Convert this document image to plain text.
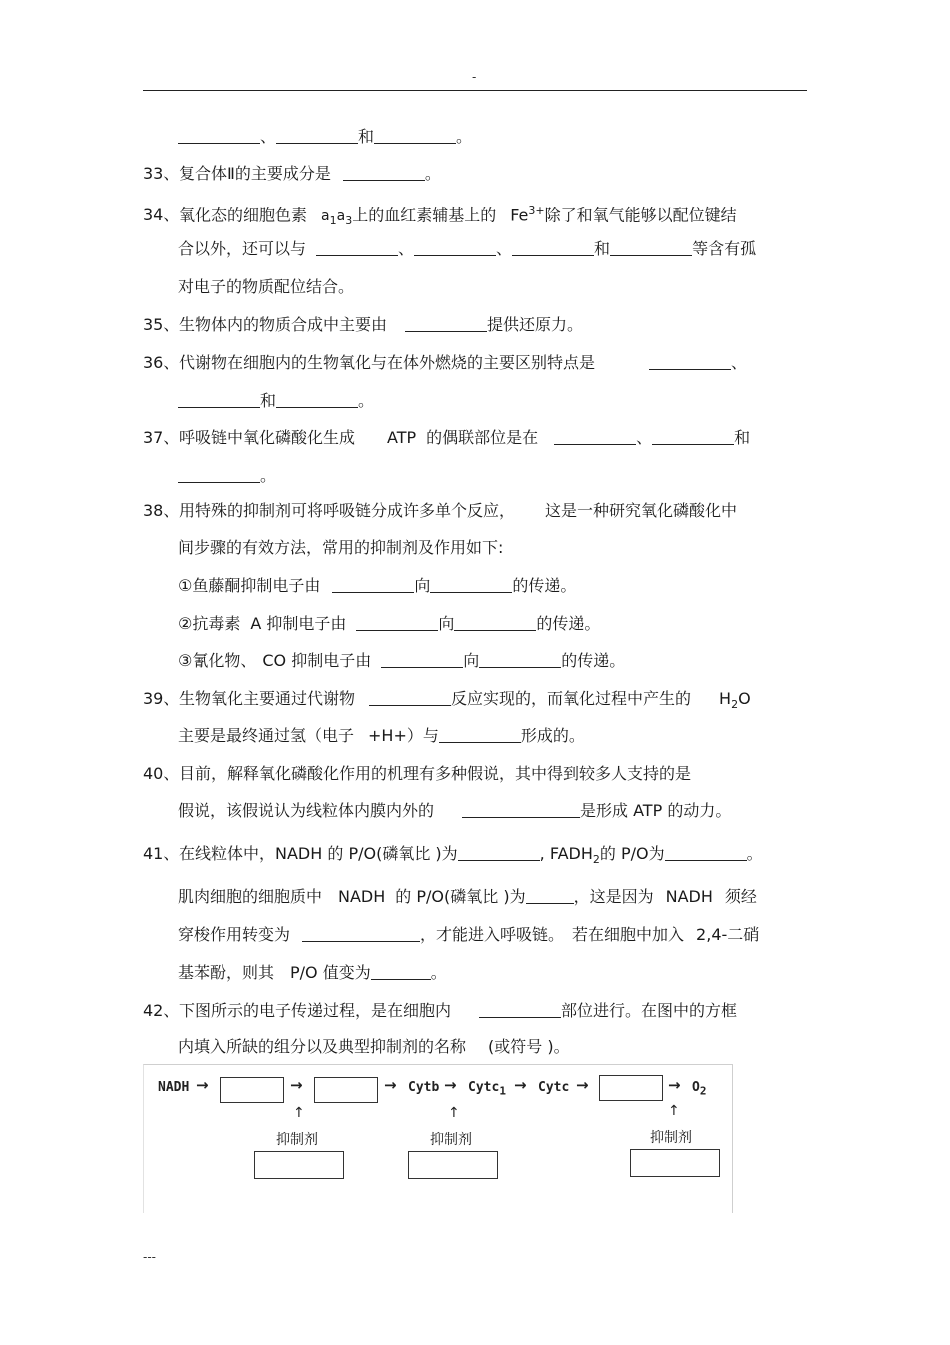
-
、	和	。
33、复合体Ⅱ的主要成分是	。
34、氧化态的细胞色素 $a_1a_3$上的血红素辅基上的 $Fe^{3+}$除了和氧气能够以配位键结
合以外，还可以与	、	、	和	等含有孤
对电子的物质配位结合。
35、生物体内的物质合成中主要由	提供还原力。
36、代谢物在细胞内的生物氧化与在体外燃烧的主要区别特点是	、
和	。
37、呼吸链中氧化磷酸化生成 ATP 的偶联部位是在	、	和
。
38、用特殊的抑制剂可将呼吸链分成许多单个反应， 这是一种研究氧化磷酸化中
间步骤的有效方法，常用的抑制剂及作用如下:
①鱼藤酮抑制电子由	向	的传递。
②抗毒素 A 抑制电子由	向	的传递。
③氰化物、 CO 抑制电子由	向	的传递。
39、生物氧化主要通过代谢物	反应实现的，而氧化过程中产生的 $H_2O$
主要是最终通过氢（电子 +H+）与	形成的。
40、目前，解释氧化磷酸化作用的机理有多种假说，其中得到较多人支持的是
假说，该假说认为线粒体内膜内外的	是形成 ATP 的动力。
41、在线粒体中，NADH 的 P/O(磷氧比 )为	, $FADH_2$的 P/O为	。
肌肉细胞的细胞质中 NADH 的 P/O(磷氧比 )为	，这是因为 NADH 须经
穿梭作用转变为	，才能进入呼吸链。 若在细胞中加入 2,4-二硝
基苯酚，则其 P/O 值变为	。
42、下图所示的电子传递过程，是在细胞内	部位进行。在图中的方框
内填入所缺的组分以及典型抑制剂的名称 (或符号 )。
NADH →	→	→ Cytb → Cytc$_1$ → Cytc →	→ $O_2$
↑
抑制剂
↑
抑制剂
↑
抑制剂
---
